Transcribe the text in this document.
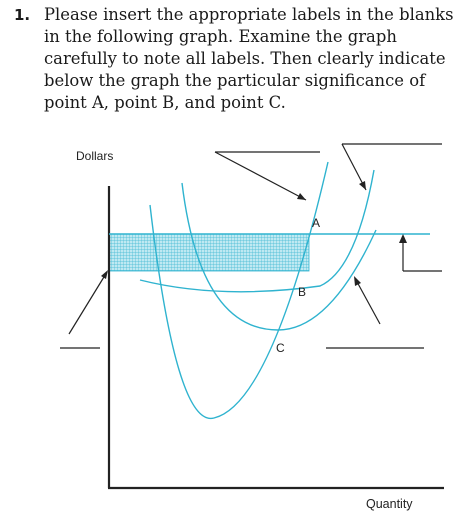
1. Please insert the appropriate labels in the blanks in the following graph. Examine the graph carefully to note all labels. Then clearly indicate below the graph the particular significance of point A, point B, and point C.
Dollars
Quantity
A
B
C
